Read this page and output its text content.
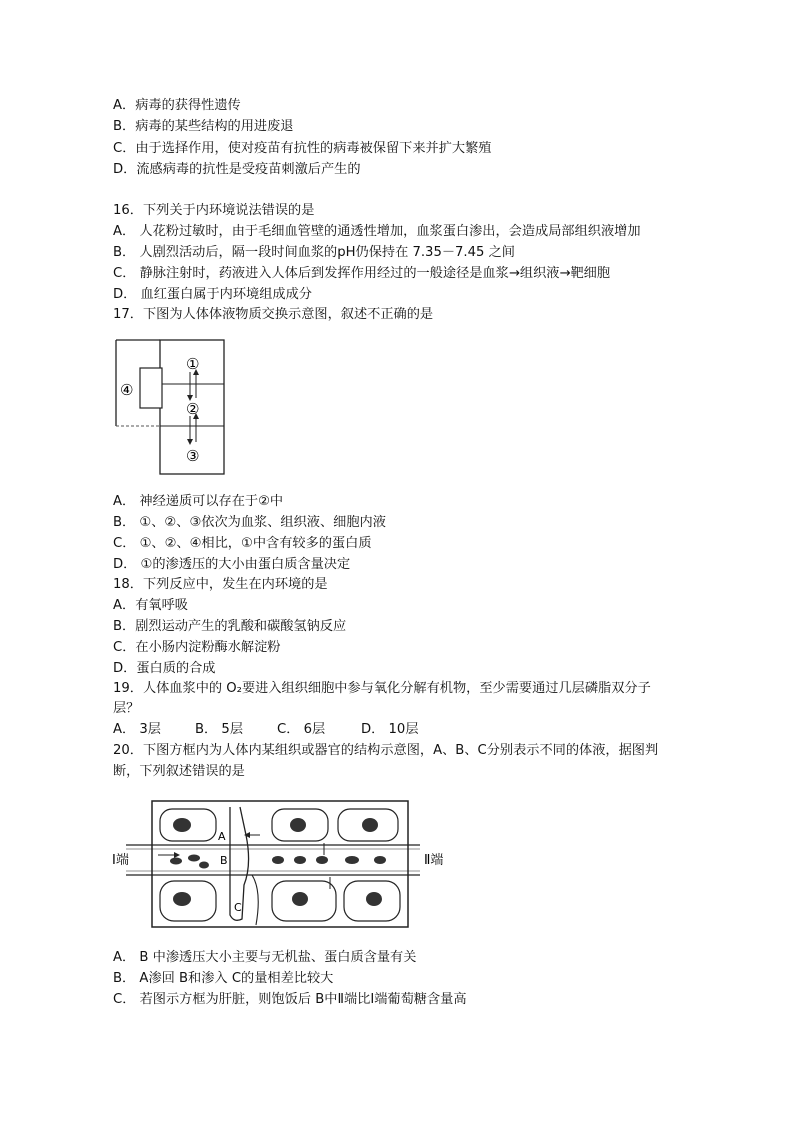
A．病毒的获得性遗传
B．病毒的某些结构的用进废退
C．由于选择作用，使对疫苗有抗性的病毒被保留下来并扩大繁殖
D．流感病毒的抗性是受疫苗刺激后产生的
16．下列关于内环境说法错误的是
A． 人花粉过敏时，由于毛细血管壁的通透性增加，血浆蛋白渗出，会造成局部组织液增加
B． 人剧烈活动后，隔一段时间血浆的pH仍保持在 7.35－7.45 之间
C． 静脉注射时，药液进入人体后到发挥作用经过的一般途径是血浆→组织液→靶细胞
D． 血红蛋白属于内环境组成成分
17．下图为人体体液物质交换示意图，叙述不正确的是
①
②
③
④
A． 神经递质可以存在于②中
B． ①、②、③依次为血浆、组织液、细胞内液
C． ①、②、④相比，①中含有较多的蛋白质
D． ①的渗透压的大小由蛋白质含量决定
18．下列反应中，发生在内环境的是
A．有氧呼吸
B．剧烈运动产生的乳酸和碳酸氢钠反应
C．在小肠内淀粉酶水解淀粉
D．蛋白质的合成
19．人体血浆中的 O₂要进入组织细胞中参与氧化分解有机物，至少需要通过几层磷脂双分子
层？
A． 3层	B． 5层	C． 6层	D． 10层
20．下图方框内为人体内某组织或器官的结构示意图，A、B、C分别表示不同的体液，据图判
断，下列叙述错误的是
Ⅰ端	Ⅱ端
A
B
C
A． B 中渗透压大小主要与无机盐、蛋白质含量有关
B． A渗回 B和渗入 C的量相差比较大
C． 若图示方框为肝脏，则饱饭后 B中Ⅱ端比Ⅰ端葡萄糖含量高
